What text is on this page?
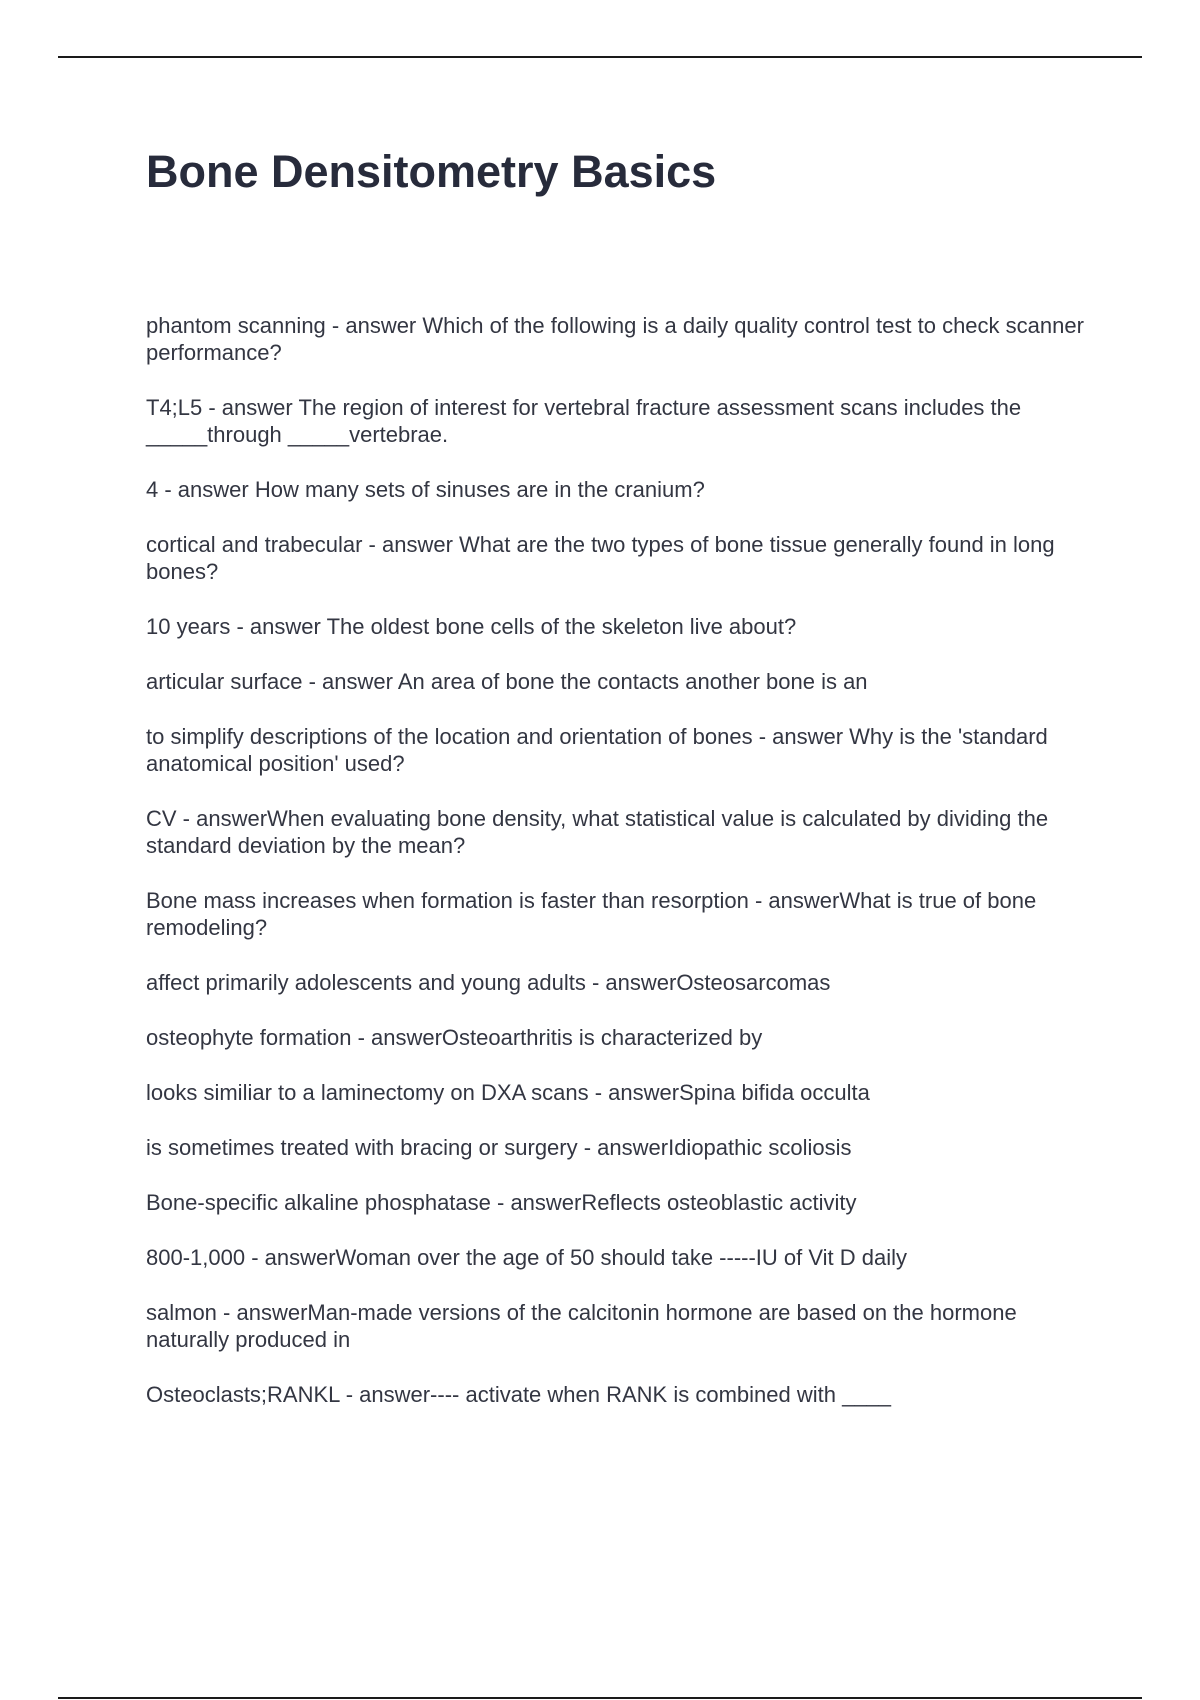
Bone Densitometry Basics
phantom scanning - answer Which of the following is a daily quality control test to check scanner performance?
T4;L5 - answer The region of interest for vertebral fracture assessment scans includes the _____through _____vertebrae.
4 - answer How many sets of sinuses are in the cranium?
cortical and trabecular - answer What are the two types of bone tissue generally found in long bones?
10 years - answer The oldest bone cells of the skeleton live about?
articular surface - answer An area of bone the contacts another bone is an
to simplify descriptions of the location and orientation of bones - answer Why is the 'standard anatomical position' used?
CV - answerWhen evaluating bone density, what statistical value is calculated by dividing the standard deviation by the mean?
Bone mass increases when formation is faster than resorption - answerWhat is true of bone remodeling?
affect primarily adolescents and young adults - answerOsteosarcomas
osteophyte formation - answerOsteoarthritis is characterized by
looks similiar to a laminectomy on DXA scans - answerSpina bifida occulta
is sometimes treated with bracing or surgery - answerIdiopathic scoliosis
Bone-specific alkaline phosphatase - answerReflects osteoblastic activity
800-1,000 - answerWoman over the age of 50 should take -----IU of Vit D daily
salmon - answerMan-made versions of the calcitonin hormone are based on the hormone naturally produced in
Osteoclasts;RANKL - answer---- activate when RANK is combined with ____
